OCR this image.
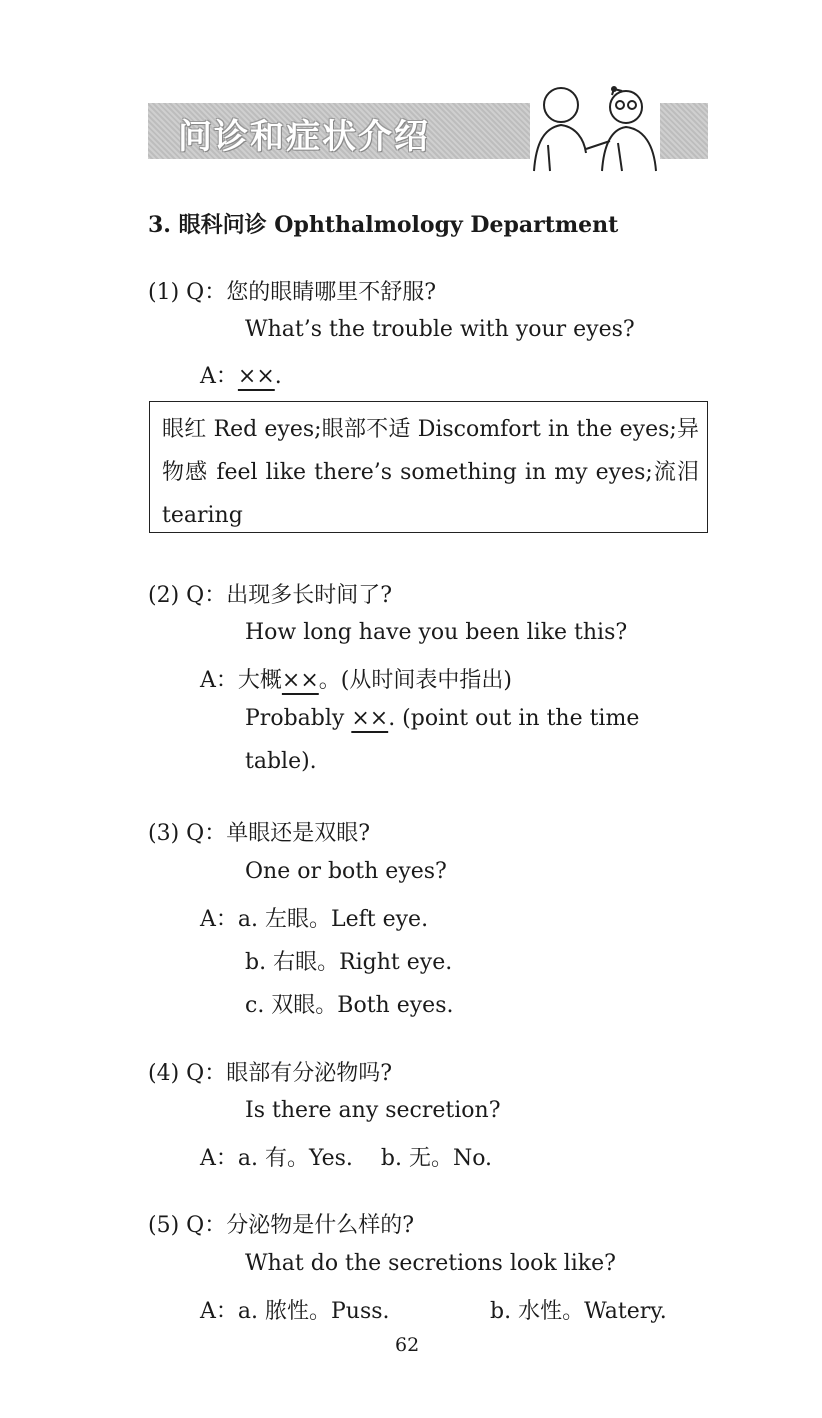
问诊和症状介绍
3. 眼科问诊 Ophthalmology Department
(1) Q：您的眼睛哪里不舒服?
What’s the trouble with your eyes?
A：××.
眼红 Red eyes;眼部不适 Discomfort in the eyes;异物感 feel like there’s something in my eyes;流泪 tearing
(2) Q：出现多长时间了?
How long have you been like this?
A：大概××。(从时间表中指出)
Probably ××. (point out in the time
table).
(3) Q：单眼还是双眼?
One or both eyes?
A：a. 左眼。Left eye.
b. 右眼。Right eye.
c. 双眼。Both eyes.
(4) Q：眼部有分泌物吗?
Is there any secretion?
A：a. 有。Yes.    b. 无。No.
(5) Q：分泌物是什么样的?
What do the secretions look like?
A：a. 脓性。Puss.	b. 水性。Watery.
62
